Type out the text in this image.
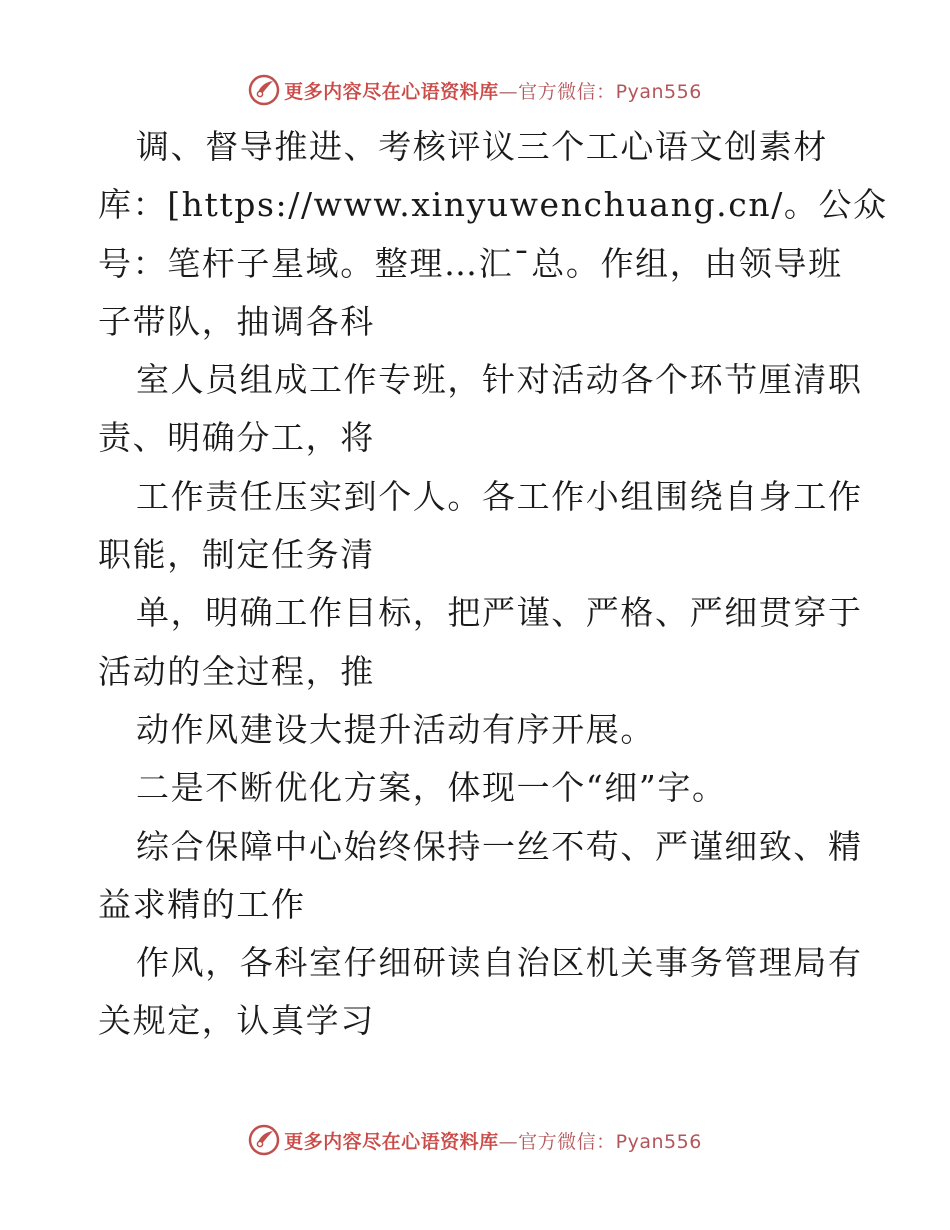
更多内容尽在心语资料库—官方微信：Pyan556
调、督导推进、考核评议三个工心语文创素材
库：[https://www.xinyuwenchuang.cn/。公众
号：笔杆子星域。整理…汇¯总。作组，由领导班
子带队，抽调各科
室人员组成工作专班，针对活动各个环节厘清职
责、明确分工，将
工作责任压实到个人。各工作小组围绕自身工作
职能，制定任务清
单，明确工作目标，把严谨、严格、严细贯穿于
活动的全过程，推
动作风建设大提升活动有序开展。
二是不断优化方案，体现一个“细”字。
综合保障中心始终保持一丝不苟、严谨细致、精
益求精的工作
作风，各科室仔细研读自治区机关事务管理局有
关规定，认真学习
更多内容尽在心语资料库—官方微信：Pyan556
